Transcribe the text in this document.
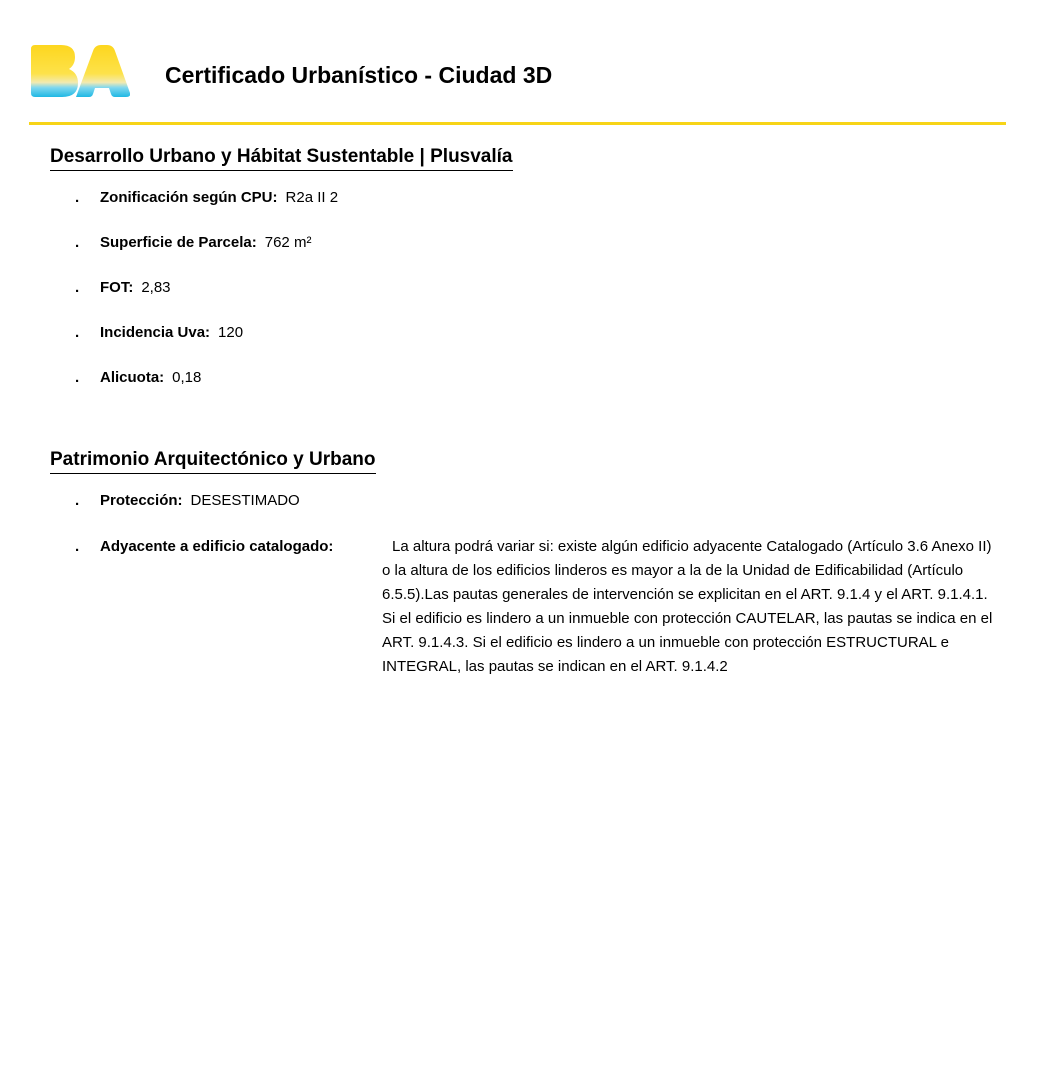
Certificado Urbanístico - Ciudad 3D
Desarrollo Urbano y Hábitat Sustentable | Plusvalía
. Zonificación según CPU: R2a II 2
. Superficie de Parcela: 762 m²
. FOT: 2,83
. Incidencia Uva: 120
. Alicuota: 0,18
Patrimonio Arquitectónico y Urbano
. Protección: DESESTIMADO
.	Adyacente a edificio catalogado:	La altura podrá variar si: existe algún edificio adyacente Catalogado (Artículo 3.6 Anexo II) o la altura de los edificios linderos es mayor a la de la Unidad de Edificabilidad (Artículo 6.5.5).Las pautas generales de intervención se explicitan en el ART. 9.1.4 y el ART. 9.1.4.1. Si el edificio es lindero a un inmueble con protección CAUTELAR, las pautas se indica en el ART. 9.1.4.3. Si el edificio es lindero a un inmueble con protección ESTRUCTURAL e INTEGRAL, las pautas se indican en el ART. 9.1.4.2
